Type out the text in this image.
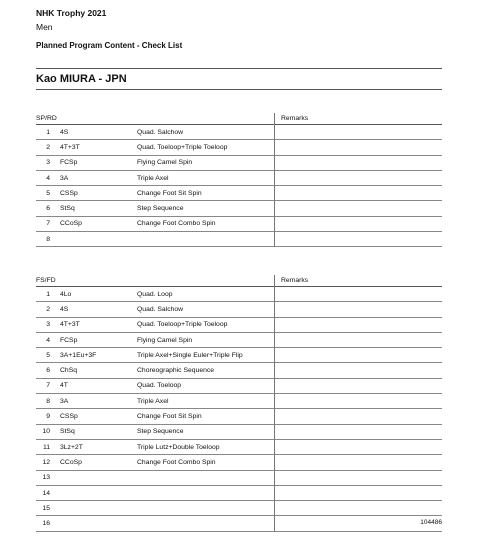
NHK Trophy 2021
Men
Planned Program Content - Check List
Kao MIURA - JPN
SP/RD			Remarks
1	4S	Quad. Salchow	
2	4T+3T	Quad. Toeloop+Triple Toeloop	
3	FCSp	Flying Camel Spin	
4	3A	Triple Axel	
5	CSSp	Change Foot Sit Spin	
6	StSq	Step Sequence	
7	CCoSp	Change Foot Combo Spin	
8			
FS/FD			Remarks
1	4Lo	Quad. Loop	
2	4S	Quad. Salchow	
3	4T+3T	Quad. Toeloop+Triple Toeloop	
4	FCSp	Flying Camel Spin	
5	3A+1Eu+3F	Triple Axel+Single Euler+Triple Flip	
6	ChSq	Choreographic Sequence	
7	4T	Quad. Toeloop	
8	3A	Triple Axel	
9	CSSp	Change Foot Sit Spin	
10	StSq	Step Sequence	
11	3Lz+2T	Triple Lutz+Double Toeloop	
12	CCoSp	Change Foot Combo Spin	
13			
14			
15			
16				104486
